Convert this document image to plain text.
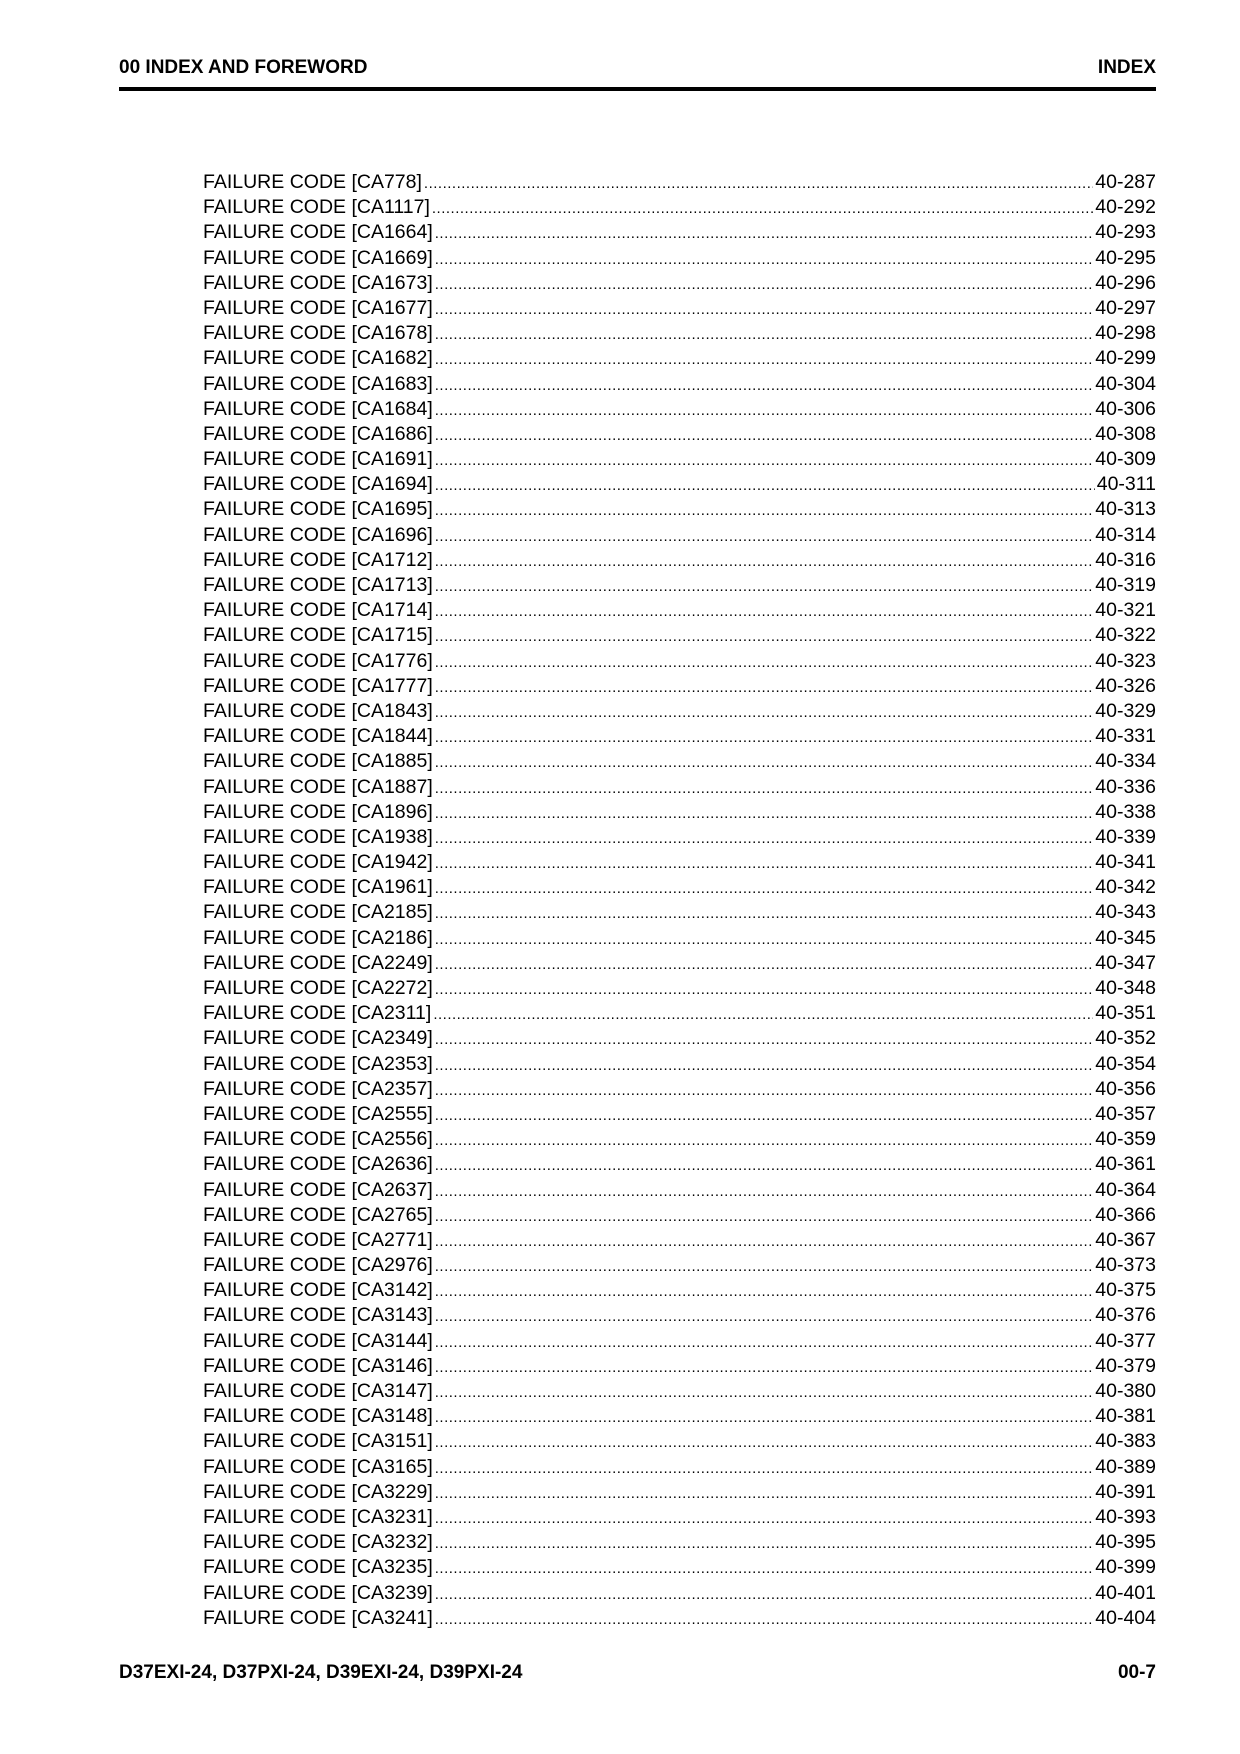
00 INDEX AND FOREWORD	INDEX
FAILURE CODE [CA778] .....	40-287
FAILURE CODE [CA1117] .....	40-292
FAILURE CODE [CA1664] .....	40-293
FAILURE CODE [CA1669] .....	40-295
FAILURE CODE [CA1673] .....	40-296
FAILURE CODE [CA1677] .....	40-297
FAILURE CODE [CA1678] .....	40-298
FAILURE CODE [CA1682] .....	40-299
FAILURE CODE [CA1683] .....	40-304
FAILURE CODE [CA1684] .....	40-306
FAILURE CODE [CA1686] .....	40-308
FAILURE CODE [CA1691] .....	40-309
FAILURE CODE [CA1694] .....	40-311
FAILURE CODE [CA1695] .....	40-313
FAILURE CODE [CA1696] .....	40-314
FAILURE CODE [CA1712] .....	40-316
FAILURE CODE [CA1713] .....	40-319
FAILURE CODE [CA1714] .....	40-321
FAILURE CODE [CA1715] .....	40-322
FAILURE CODE [CA1776] .....	40-323
FAILURE CODE [CA1777] .....	40-326
FAILURE CODE [CA1843] .....	40-329
FAILURE CODE [CA1844] .....	40-331
FAILURE CODE [CA1885] .....	40-334
FAILURE CODE [CA1887] .....	40-336
FAILURE CODE [CA1896] .....	40-338
FAILURE CODE [CA1938] .....	40-339
FAILURE CODE [CA1942] .....	40-341
FAILURE CODE [CA1961] .....	40-342
FAILURE CODE [CA2185] .....	40-343
FAILURE CODE [CA2186] .....	40-345
FAILURE CODE [CA2249] .....	40-347
FAILURE CODE [CA2272] .....	40-348
FAILURE CODE [CA2311] .....	40-351
FAILURE CODE [CA2349] .....	40-352
FAILURE CODE [CA2353] .....	40-354
FAILURE CODE [CA2357] .....	40-356
FAILURE CODE [CA2555] .....	40-357
FAILURE CODE [CA2556] .....	40-359
FAILURE CODE [CA2636] .....	40-361
FAILURE CODE [CA2637] .....	40-364
FAILURE CODE [CA2765] .....	40-366
FAILURE CODE [CA2771] .....	40-367
FAILURE CODE [CA2976] .....	40-373
FAILURE CODE [CA3142] .....	40-375
FAILURE CODE [CA3143] .....	40-376
FAILURE CODE [CA3144] .....	40-377
FAILURE CODE [CA3146] .....	40-379
FAILURE CODE [CA3147] .....	40-380
FAILURE CODE [CA3148] .....	40-381
FAILURE CODE [CA3151] .....	40-383
FAILURE CODE [CA3165] .....	40-389
FAILURE CODE [CA3229] .....	40-391
FAILURE CODE [CA3231] .....	40-393
FAILURE CODE [CA3232] .....	40-395
FAILURE CODE [CA3235] .....	40-399
FAILURE CODE [CA3239] .....	40-401
FAILURE CODE [CA3241] .....	40-404
D37EXI-24, D37PXI-24, D39EXI-24, D39PXI-24	00-7
